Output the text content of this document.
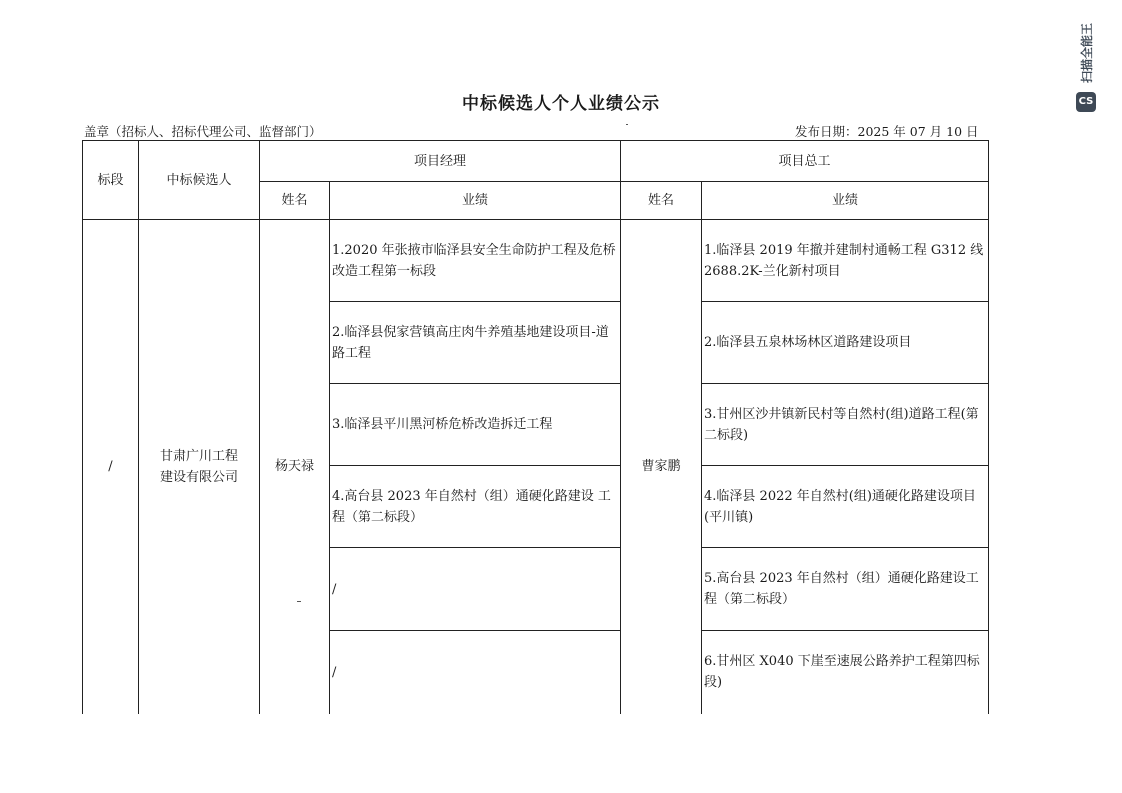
扫描全能王
CS
中标候选人个人业绩公示
盖章（招标人、招标代理公司、监督部门）	发布日期：2025 年 07 月 10 日
标段	中标候选人	项目经理		项目总工	
		姓名	业绩	姓名	业绩
/	甘肃广川工程建设有限公司	杨天禄	1.2020 年张掖市临泽县安全生命防护工程及危桥改造工程第一标段	曹家鹏	1.临泽县 2019 年撤并建制村通畅工程 G312 线 2688.2K-兰化新村项目
			2.临泽县倪家营镇高庄肉牛养殖基地建设项目-道路工程		2.临泽县五泉林场林区道路建设项目
			3.临泽县平川黑河桥危桥改造拆迁工程		3.甘州区沙井镇新民村等自然村(组)道路工程(第二标段)
			4.高台县 2023 年自然村（组）通硬化路建设 工程（第二标段）		4.临泽县 2022 年自然村(组)通硬化路建设项目(平川镇)
			/		5.高台县 2023 年自然村（组）通硬化路建设工程（第二标段）
			/		6.甘州区 X040 下崖至速展公路养护工程第四标段)
